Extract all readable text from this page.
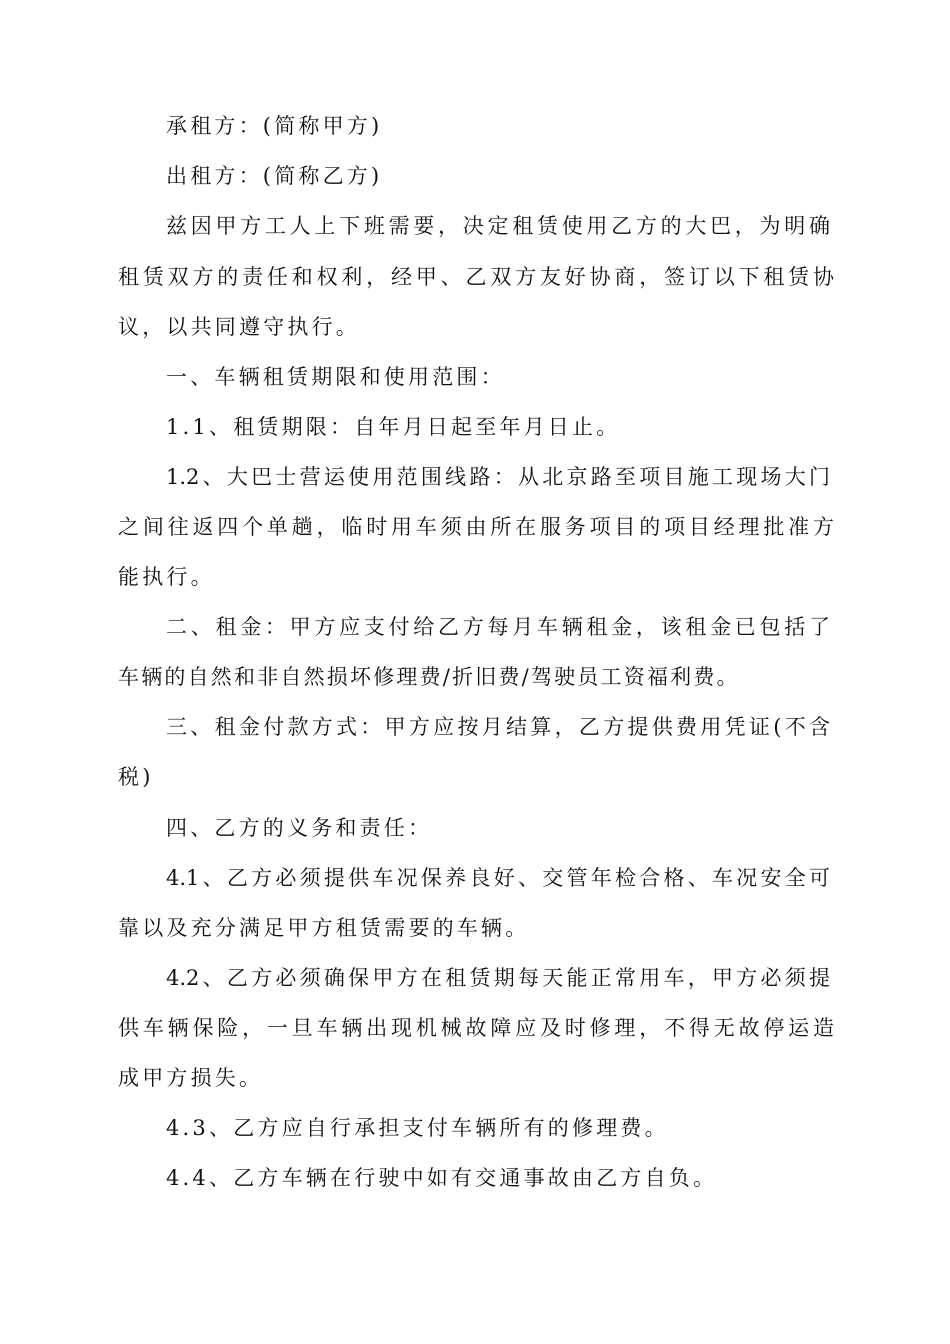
承租方：(简称甲方)
出租方：(简称乙方)
兹因甲方工人上下班需要，决定租赁使用乙方的大巴，为明确
租赁双方的责任和权利，经甲、乙双方友好协商，签订以下租赁协
议，以共同遵守执行。
一、车辆租赁期限和使用范围：
1.1、租赁期限：自年月日起至年月日止。
1.2、大巴士营运使用范围线路：从北京路至项目施工现场大门
之间往返四个单趟，临时用车须由所在服务项目的项目经理批准方
能执行。
二、租金：甲方应支付给乙方每月车辆租金，该租金已包括了
车辆的自然和非自然损坏修理费/折旧费/驾驶员工资福利费。
三、租金付款方式：甲方应按月结算，乙方提供费用凭证(不含
税)
四、乙方的义务和责任：
4.1、乙方必须提供车况保养良好、交管年检合格、车况安全可
靠以及充分满足甲方租赁需要的车辆。
4.2、乙方必须确保甲方在租赁期每天能正常用车，甲方必须提
供车辆保险，一旦车辆出现机械故障应及时修理，不得无故停运造
成甲方损失。
4.3、乙方应自行承担支付车辆所有的修理费。
4.4、乙方车辆在行驶中如有交通事故由乙方自负。
